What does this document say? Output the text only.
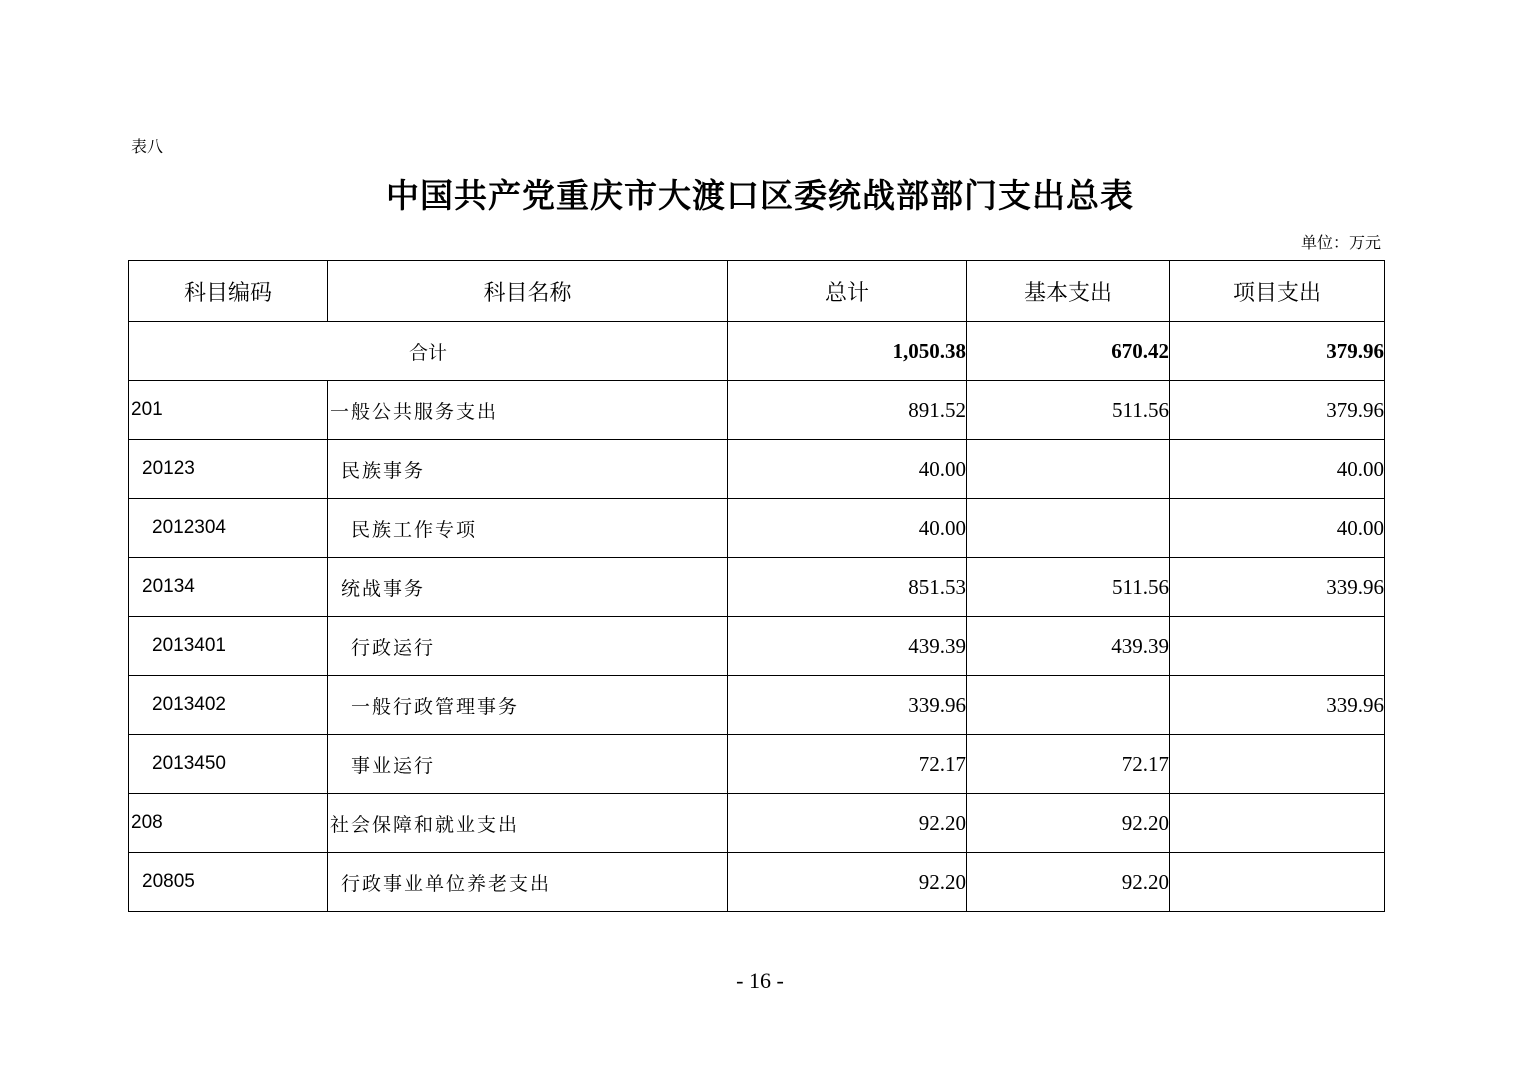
表八
中国共产党重庆市大渡口区委统战部部门支出总表
单位：万元
科目编码	科目名称	总计	基本支出	项目支出
合计		1,050.38	670.42	379.96
201	一般公共服务支出	891.52	511.56	379.96
20123	民族事务	40.00		40.00
2012304	民族工作专项	40.00		40.00
20134	统战事务	851.53	511.56	339.96
2013401	行政运行	439.39	439.39	
2013402	一般行政管理事务	339.96		339.96
2013450	事业运行	72.17	72.17	
208	社会保障和就业支出	92.20	92.20	
20805	行政事业单位养老支出	92.20	92.20	
- 16 -
